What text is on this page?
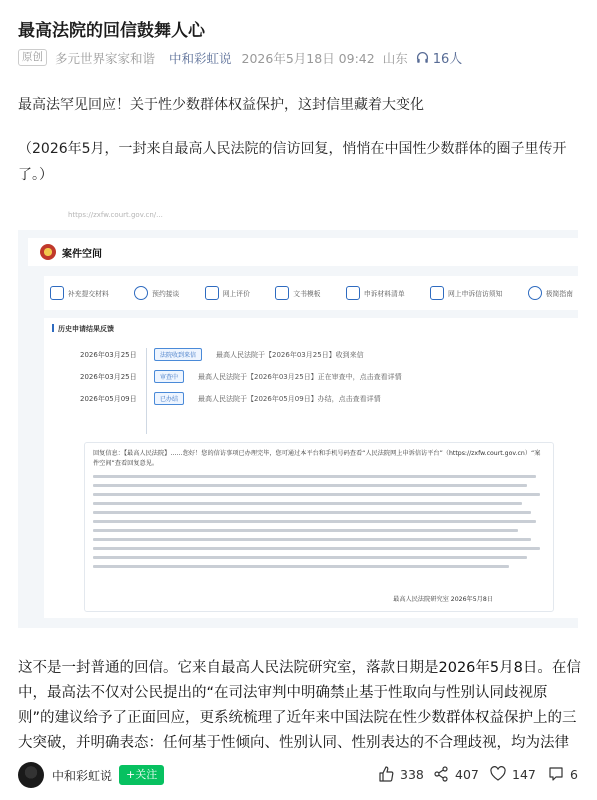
最高法院的回信鼓舞人心
原创 多元世界家家和谐 中和彩虹说 2026年5月18日 09:42 山东 16人
最高法罕见回应！关于性少数群体权益保护，这封信里藏着大变化
（2026年5月，一封来自最高人民法院的信访回复，悄悄在中国性少数群体的圈子里传开了。）
https://zxfw.court.gov.cn/...
案件空间
补充提交材料	预约接谈	网上评价	文书模板	申诉材料清单	网上申诉信访须知	极简指南
历史申请结果反馈
2026年03月25日	法院收到来信	最高人民法院于【2026年03月25日】收到来信
2026年03月25日	审查中	最高人民法院于【2026年03月25日】正在审查中，点击查看详情
2026年05月09日	已办结	最高人民法院于【2026年05月09日】办结，点击查看详情
回复信息：【最高人民法院】……您好！您的信访事项已办理完毕，您可通过本平台和手机号码查看“人民法院网上申诉信访平台”（https://zxfw.court.gov.cn）“案件空间”查看回复意见。
最高人民法院研究室 2026年5月8日
这不是一封普通的回信。它来自最高人民法院研究室，落款日期是2026年5月8日。在信中，最高法不仅对公民提出的“在司法审判中明确禁止基于性取向与性别认同歧视原则”的建议给予了正面回应，更系统梳理了近年来中国法院在性少数群体权益保护上的三大突破，并明确表态：任何基于性倾向、性别认同、性别表达的不合理歧视，均为法律
中和彩虹说	+关注	338 407	147	6
